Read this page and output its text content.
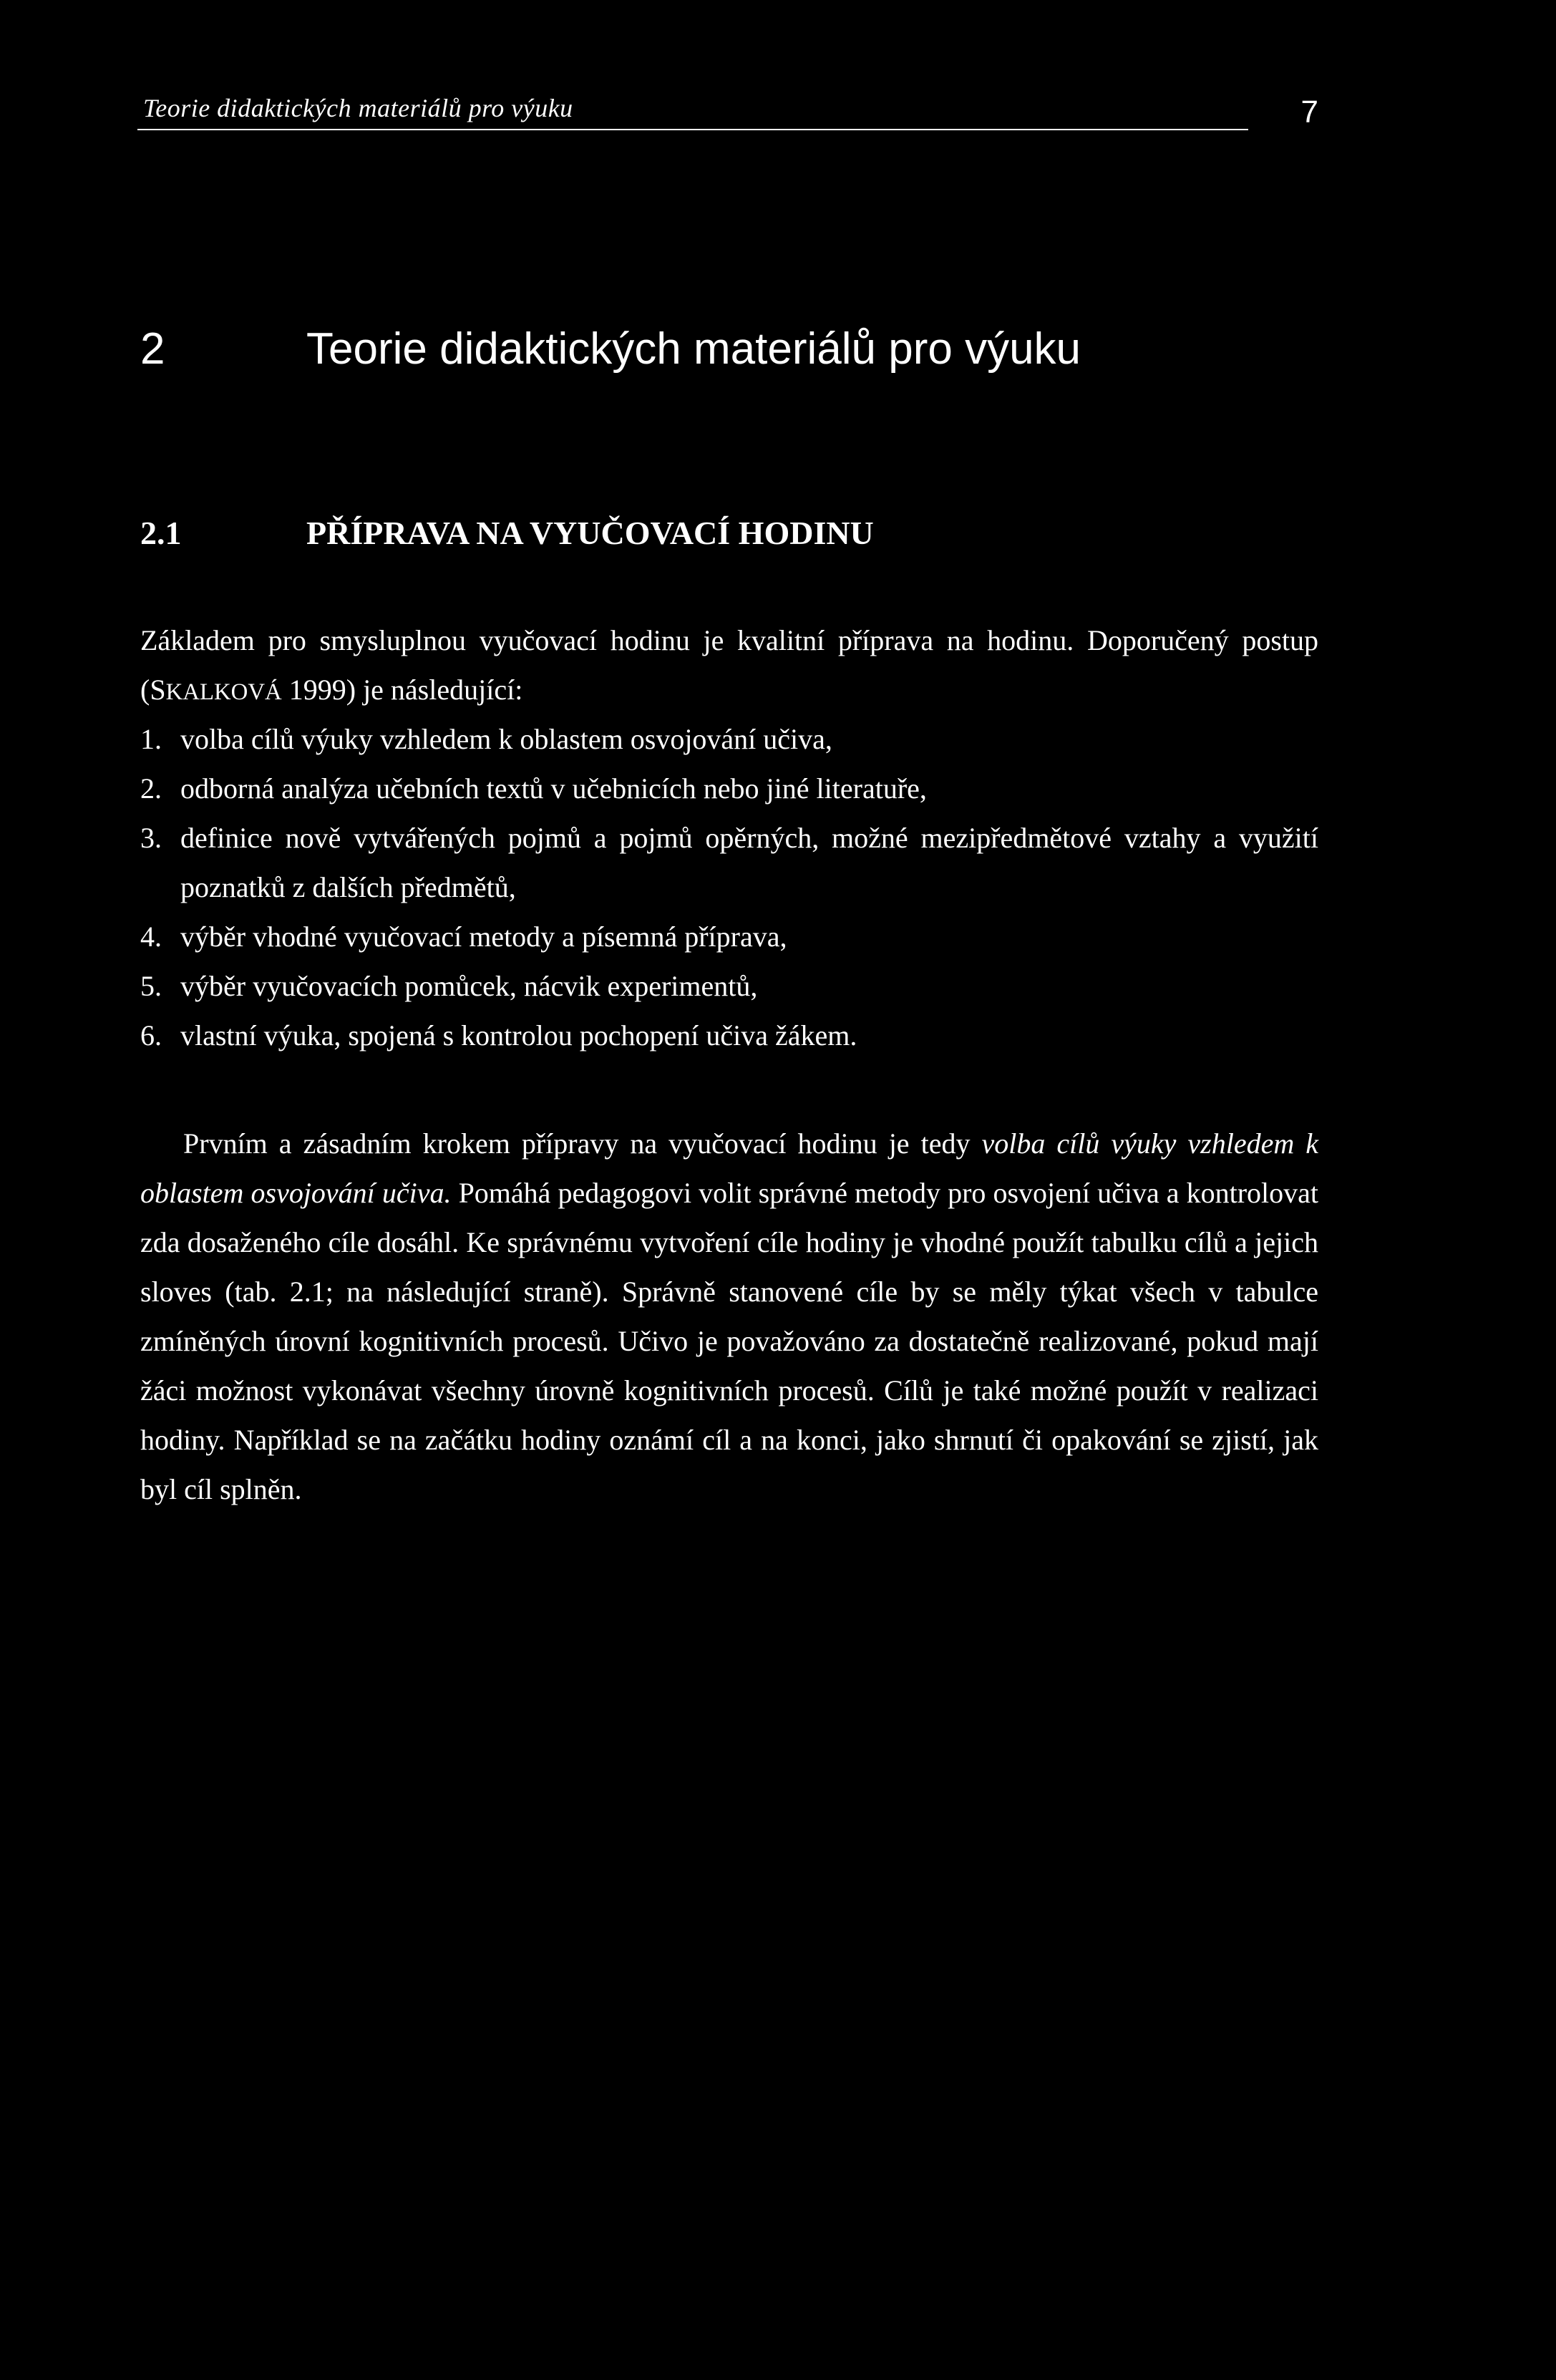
Teorie didaktických materiálů pro výuku	7
2	Teorie didaktických materiálů pro výuku
2.1	PŘÍPRAVA NA VYUČOVACÍ HODINU

Základem pro smysluplnou vyučovací hodinu je kvalitní příprava na hodinu. Doporučený postup (SKALKOVÁ 1999) je následující:

1. volba cílů výuky vzhledem k oblastem osvojování učiva,
2. odborná analýza učebních textů v učebnicích nebo jiné literatuře,
3. definice nově vytvářených pojmů a pojmů opěrných, možné mezipředmětové vztahy a využití poznatků z dalších předmětů,
4. výběr vhodné vyučovací metody a písemná příprava,
5. výběr vyučovacích pomůcek, nácvik experimentů,
6. vlastní výuka, spojená s kontrolou pochopení učiva žákem.

Prvním a zásadním krokem přípravy na vyučovací hodinu je tedy volba cílů výuky vzhledem k oblastem osvojování učiva. Pomáhá pedagogovi volit správné metody pro osvojení učiva a kontrolovat zda dosaženého cíle dosáhl. Ke správnému vytvoření cíle hodiny je vhodné použít tabulku cílů a jejich sloves (tab. 2.1; na následující straně). Správně stanovené cíle by se měly týkat všech v tabulce zmíněných úrovní kognitivních procesů. Učivo je považováno za dostatečně realizované, pokud mají žáci možnost vykonávat všechny úrovně kognitivních procesů. Cílů je také možné použít v realizaci hodiny. Například se na začátku hodiny oznámí cíl a na konci, jako shrnutí či opakování se zjistí, jak byl cíl splněn.
